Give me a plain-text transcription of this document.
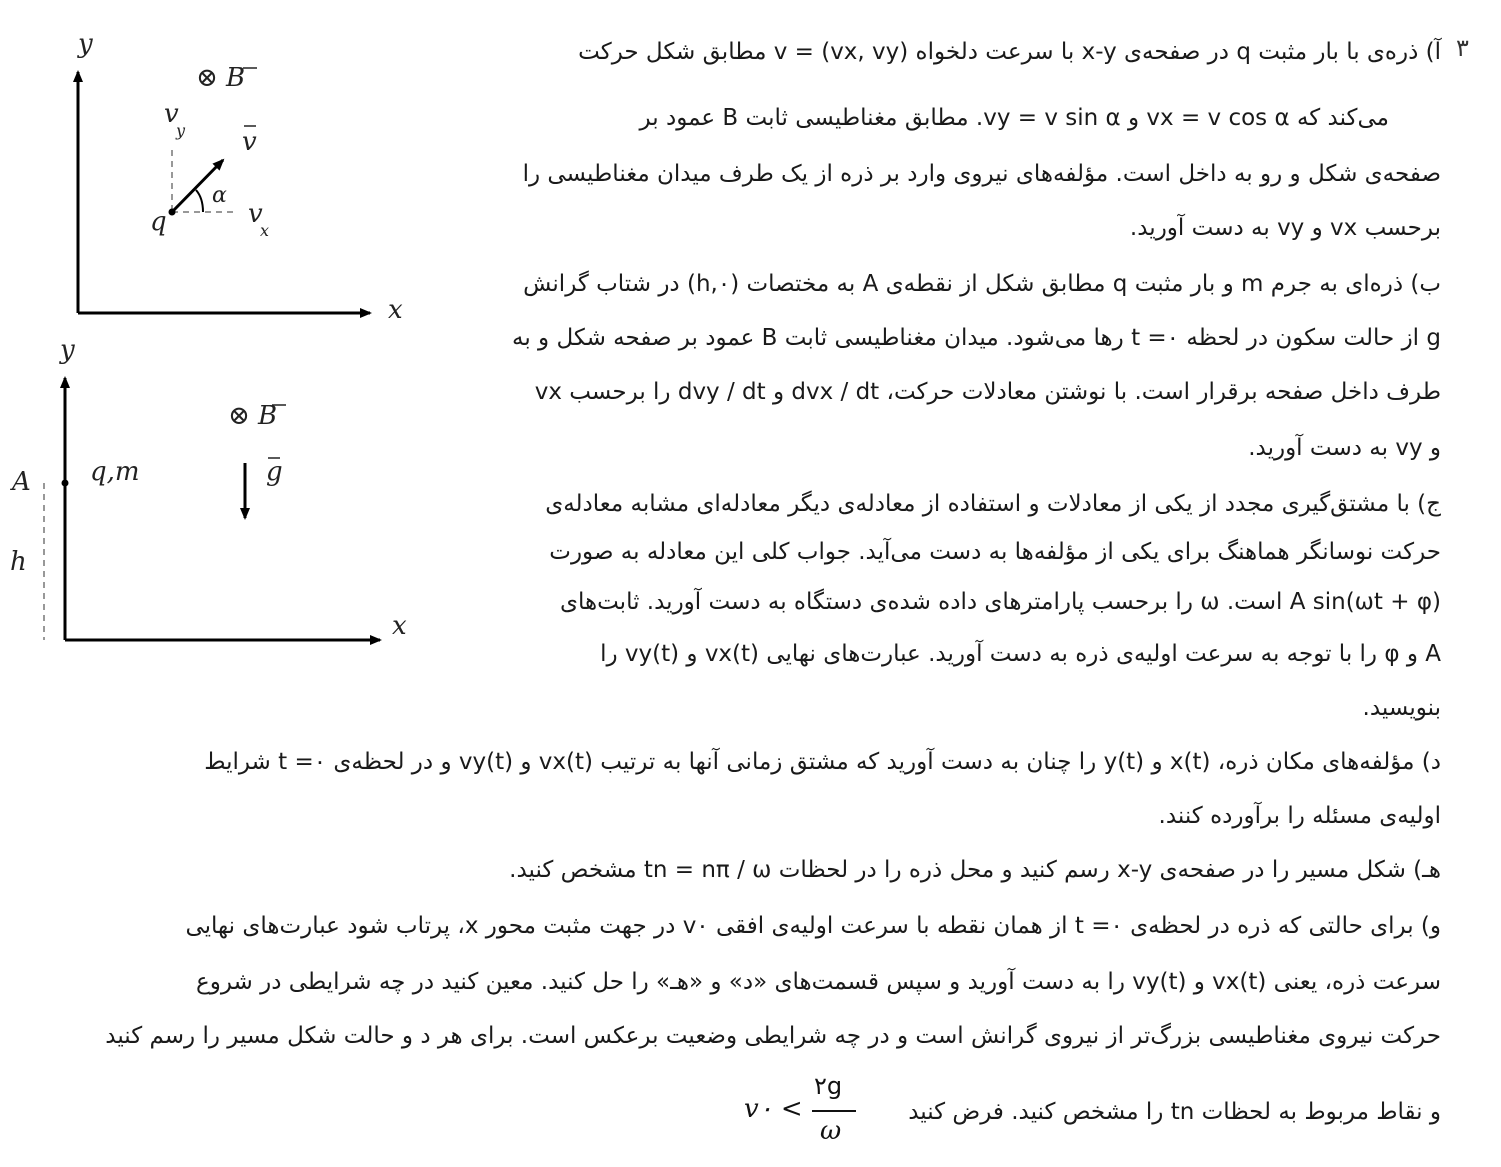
۳
y
x
⊗ B
α
q
v
v
y
v
x
y
x
⊗ B
A
h
q,m	g
آ) ذره‌ی با بار مثبت q در صفحه‌ی x-y با سرعت دلخواه v = (vx, vy) مطابق شکل حرکت
می‌کند که vx = v cos α و vy = v sin α. مطابق مغناطیسی ثابت B عمود بر
صفحه‌ی شکل و رو به داخل است. مؤلفه‌های نیروی وارد بر ذره از یک طرف میدان مغناطیسی را
برحسب vx و vy به دست آورید.
ب) ذره‌ای به جرم m و بار مثبت q مطابق شکل از نقطه‌ی A به مختصات (۰,h) در شتاب گرانش
g از حالت سکون در لحظه t =۰ رها می‌شود. میدان مغناطیسی ثابت B عمود بر صفحه شکل و به
طرف داخل صفحه برقرار است. با نوشتن معادلات حرکت، dvx / dt و dvy / dt را برحسب vx
و vy به دست آورید.
ج) با مشتق‌گیری مجدد از یکی از معادلات و استفاده از معادله‌ی دیگر معادله‌ای مشابه معادله‌ی
حرکت نوسانگر هماهنگ برای یکی از مؤلفه‌ها به دست می‌آید. جواب کلی این معادله به صورت
A sin(ωt + φ) است. ω را برحسب پارامترهای داده شده‌ی دستگاه به دست آورید. ثابت‌های
A و φ را با توجه به سرعت اولیه‌ی ذره به دست آورید. عبارت‌های نهایی vx(t) و vy(t) را
بنویسید.
د) مؤلفه‌های مکان ذره، x(t) و y(t) را چنان به دست آورید که مشتق زمانی آنها به ترتیب vx(t) و vy(t) و در لحظه‌ی t =۰ شرایط
اولیه‌ی مسئله را برآورده کنند.
هـ) شکل مسیر را در صفحه‌ی x-y رسم کنید و محل ذره را در لحظات tn = nπ / ω مشخص کنید.
و) برای حالتی که ذره در لحظه‌ی t =۰ از همان نقطه با سرعت اولیه‌ی افقی v۰ در جهت مثبت محور x، پرتاب شود عبارت‌های نهایی
سرعت ذره، یعنی vx(t) و vy(t) را به دست آورید و سپس قسمت‌های «د» و «هـ» را حل کنید. معین کنید در چه شرایطی در شروع
حرکت نیروی مغناطیسی بزرگ‌تر از نیروی گرانش است و در چه شرایطی وضعیت برعکس است. برای هر د و حالت شکل مسیر را رسم کنید
و نقاط مربوط به لحظات tn را مشخص کنید. فرض کنید
v۰ <
۲g
ω
